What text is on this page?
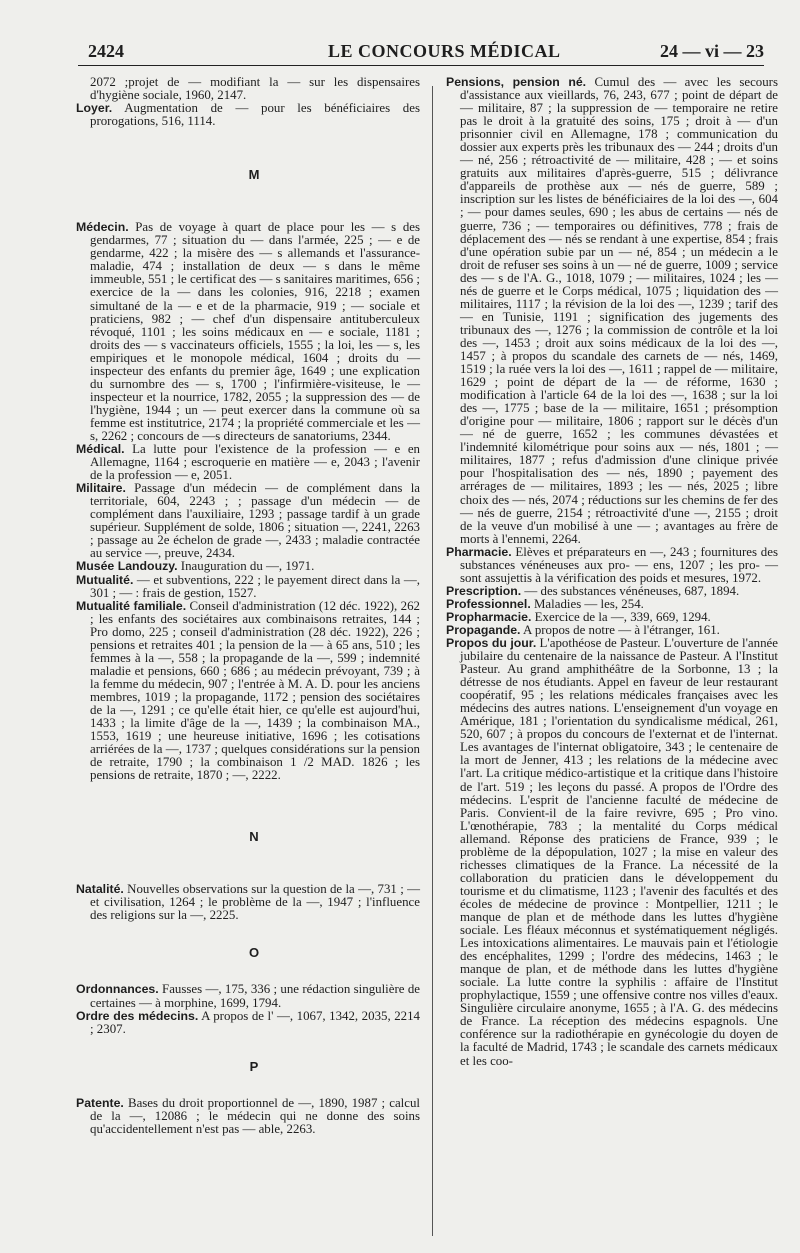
2424	LE CONCOURS MÉDICAL	24 — vi — 23
2072 ;projet de — modifiant la — sur les dispensaires d'hygiène sociale, 1960, 2147.
Loyer. Augmentation de — pour les bénéficiaires des prorogations, 516, 1114.
M
Médecin. Pas de voyage à quart de place pour les — s des gendarmes, 77 ; situation du — dans l'armée, 225 ; — e de gendarme, 422 ; la misère des — s allemands et l'assurance-maladie, 474 ; installation de deux — s dans le même immeuble, 551 ; le certificat des — s sanitaires maritimes, 656 ; exercice de la — dans les colonies, 916, 2218 ; examen simultané de la — e et de la pharmacie, 919 ; — sociale et praticiens, 982 ; — chef d'un dispensaire antituberculeux révoqué, 1101 ; les soins médicaux en — e sociale, 1181 ; droits des — s vaccinateurs officiels, 1555 ; la loi, les — s, les empiriques et le monopole médical, 1604 ; droits du — inspecteur des enfants du premier âge, 1649 ; une explication du surnombre des — s, 1700 ; l'infirmière-visiteuse, le — inspecteur et la nourrice, 1782, 2055 ; la suppression des — de l'hygiène, 1944 ; un — peut exercer dans la commune où sa femme est institutrice, 2174 ; la propriété commerciale et les —s, 2262 ; concours de —s directeurs de sanatoriums, 2344.
Médical. La lutte pour l'existence de la profession — e en Allemagne, 1164 ; escroquerie en matière — e, 2043 ; l'avenir de la profession — e, 2051.
Militaire. Passage d'un médecin — de complément dans la territoriale, 604, 2243 ; ; passage d'un médecin — de complément dans l'auxiliaire, 1293 ; passage tardif à un grade supérieur. Supplément de solde, 1806 ; situation —, 2241, 2263 ; passage au 2e échelon de grade —, 2433 ; maladie contractée au service —, preuve, 2434.
Musée Landouzy. Inauguration du —, 1971.
Mutualité. — et subventions, 222 ; le payement direct dans la —, 301 ; — : frais de gestion, 1527.
Mutualité familiale. Conseil d'administration (12 déc. 1922), 262 ; les enfants des sociétaires aux combinaisons retraites, 144 ; Pro domo, 225 ; conseil d'administration (28 déc. 1922), 226 ; pensions et retraites 401 ; la pension de la — à 65 ans, 510 ; les femmes à la —, 558 ; la propagande de la —, 599 ; indemnité maladie et pensions, 660 ; 686 ; au médecin prévoyant, 739 ; à la femme du médecin, 907 ; l'entrée à M. A. D. pour les anciens membres, 1019 ; la propagande, 1172 ; pension des sociétaires de la —, 1291 ; ce qu'elle était hier, ce qu'elle est aujourd'hui, 1433 ; la limite d'âge de la —, 1439 ; la combinaison MA., 1553, 1619 ; une heureuse initiative, 1696 ; les cotisations arriérées de la —, 1737 ; quelques considérations sur la pension de retraite, 1790 ; la combinaison 1 /2 MAD. 1826 ; les pensions de retraite, 1870 ; —, 2222.
N
Natalité. Nouvelles observations sur la question de la —, 731 ; — et civilisation, 1264 ; le problème de la —, 1947 ; l'influence des religions sur la —, 2225.
O
Ordonnances. Fausses —, 175, 336 ; une rédaction singulière de certaines — à morphine, 1699, 1794.
Ordre des médecins. A propos de l' —, 1067, 1342, 2035, 2214 ; 2307.
P
Patente. Bases du droit proportionnel de —, 1890, 1987 ; calcul de la —, 12086 ; le médecin qui ne donne des soins qu'accidentellement n'est pas — able, 2263.
Pensions, pension né. Cumul des — avec les secours d'assistance aux vieillards, 76, 243, 677 ; point de départ de — militaire, 87 ; la suppression de — temporaire ne retire pas le droit à la gratuité des soins, 175 ; droit à — d'un prisonnier civil en Allemagne, 178 ; communication du dossier aux experts près les tribunaux des — 244 ; droits d'un — né, 256 ; rétroactivité de — militaire, 428 ; — et soins gratuits aux militaires d'après-guerre, 515 ; délivrance d'appareils de prothèse aux — nés de guerre, 589 ; inscription sur les listes de bénéficiaires de la loi des —, 604 ; — pour dames seules, 690 ; les abus de certains — nés de guerre, 736 ; — temporaires ou définitives, 778 ; frais de déplacement des — nés se rendant à une expertise, 854 ; frais d'une opération subie par un — né, 854 ; un médecin a le droit de refuser ses soins à un — né de guerre, 1009 ; service des — s de l'A. G., 1018, 1079 ; — militaires, 1024 ; les — nés de guerre et le Corps médical, 1075 ; liquidation des — militaires, 1117 ; la révision de la loi des —, 1239 ; tarif des — en Tunisie, 1191 ; signification des jugements des tribunaux des —, 1276 ; la commission de contrôle et la loi des —, 1453 ; droit aux soins médicaux de la loi des —, 1457 ; à propos du scandale des carnets de — nés, 1469, 1519 ; la ruée vers la loi des —, 1611 ; rappel de — militaire, 1629 ; point de départ de la — de réforme, 1630 ; modification à l'article 64 de la loi des —, 1638 ; sur la loi des —, 1775 ; base de la — militaire, 1651 ; présomption d'origine pour — militaire, 1806 ; rapport sur le décès d'un — né de guerre, 1652 ; les communes dévastées et l'indemnité kilométrique pour soins aux — nés, 1801 ; — militaires, 1877 ; refus d'admission d'une clinique privée pour l'hospitalisation des — nés, 1890 ; payement des arrérages de — militaires, 1893 ; les — nés, 2025 ; libre choix des — nés, 2074 ; réductions sur les chemins de fer des — nés de guerre, 2154 ; rétroactivité d'une —, 2155 ; droit de la veuve d'un mobilisé à une — ; avantages au frère de morts à l'ennemi, 2264.
Pharmacie. Elèves et préparateurs en —, 243 ; fournitures des substances vénéneuses aux pro- — ens, 1207 ; les pro- — sont assujettis à la vérification des poids et mesures, 1972.
Prescription. — des substances vénéneuses, 687, 1894.
Professionnel. Maladies — les, 254.
Propharmacie. Exercice de la —, 339, 669, 1294.
Propagande. A propos de notre — à l'étranger, 161.
Propos du jour. L'apothéose de Pasteur. L'ouverture de l'année jubilaire du centenaire de la naissance de Pasteur. A l'Institut Pasteur. Au grand amphithéâtre de la Sorbonne, 13 ; la détresse de nos étudiants. Appel en faveur de leur restaurant coopératif, 95 ; les relations médicales françaises avec les médecins des autres nations. L'enseignement d'un voyage en Amérique, 181 ; l'orientation du syndicalisme médical, 261, 520, 607 ; à propos du concours de l'externat et de l'internat. Les avantages de l'internat obligatoire, 343 ; le centenaire de la mort de Jenner, 413 ; les relations de la médecine avec l'art. La critique médico-artistique et la critique dans l'histoire de l'art. 519 ; les leçons du passé. A propos de l'Ordre des médecins. L'esprit de l'ancienne faculté de médecine de Paris. Convient-il de la faire revivre, 695 ; Pro vino. L'œnothérapie, 783 ; la mentalité du Corps médical allemand. Réponse des praticiens de France, 939 ; le problème de la dépopulation, 1027 ; la mise en valeur des richesses climatiques de la France. La nécessité de la collaboration du praticien dans le développement du tourisme et du climatisme, 1123 ; l'avenir des facultés et des écoles de médecine de province : Montpellier, 1211 ; le manque de plan et de méthode dans les luttes d'hygiène sociale. Les fléaux méconnus et systématiquement négligés. Les intoxications alimentaires. Le mauvais pain et l'étiologie des encéphalites, 1299 ; l'ordre des médecins, 1463 ; le manque de plan, et de méthode dans les luttes d'hygiène sociale. La lutte contre la syphilis : affaire de l'Institut prophylactique, 1559 ; une offensive contre nos villes d'eaux. Singulière circulaire anonyme, 1655 ; à l'A. G. des médecins de France. La réception des médecins espagnols. Une conférence sur la radiothérapie en gynécologie du doyen de la faculté de Madrid, 1743 ; le scandale des carnets médicaux et les coo-
